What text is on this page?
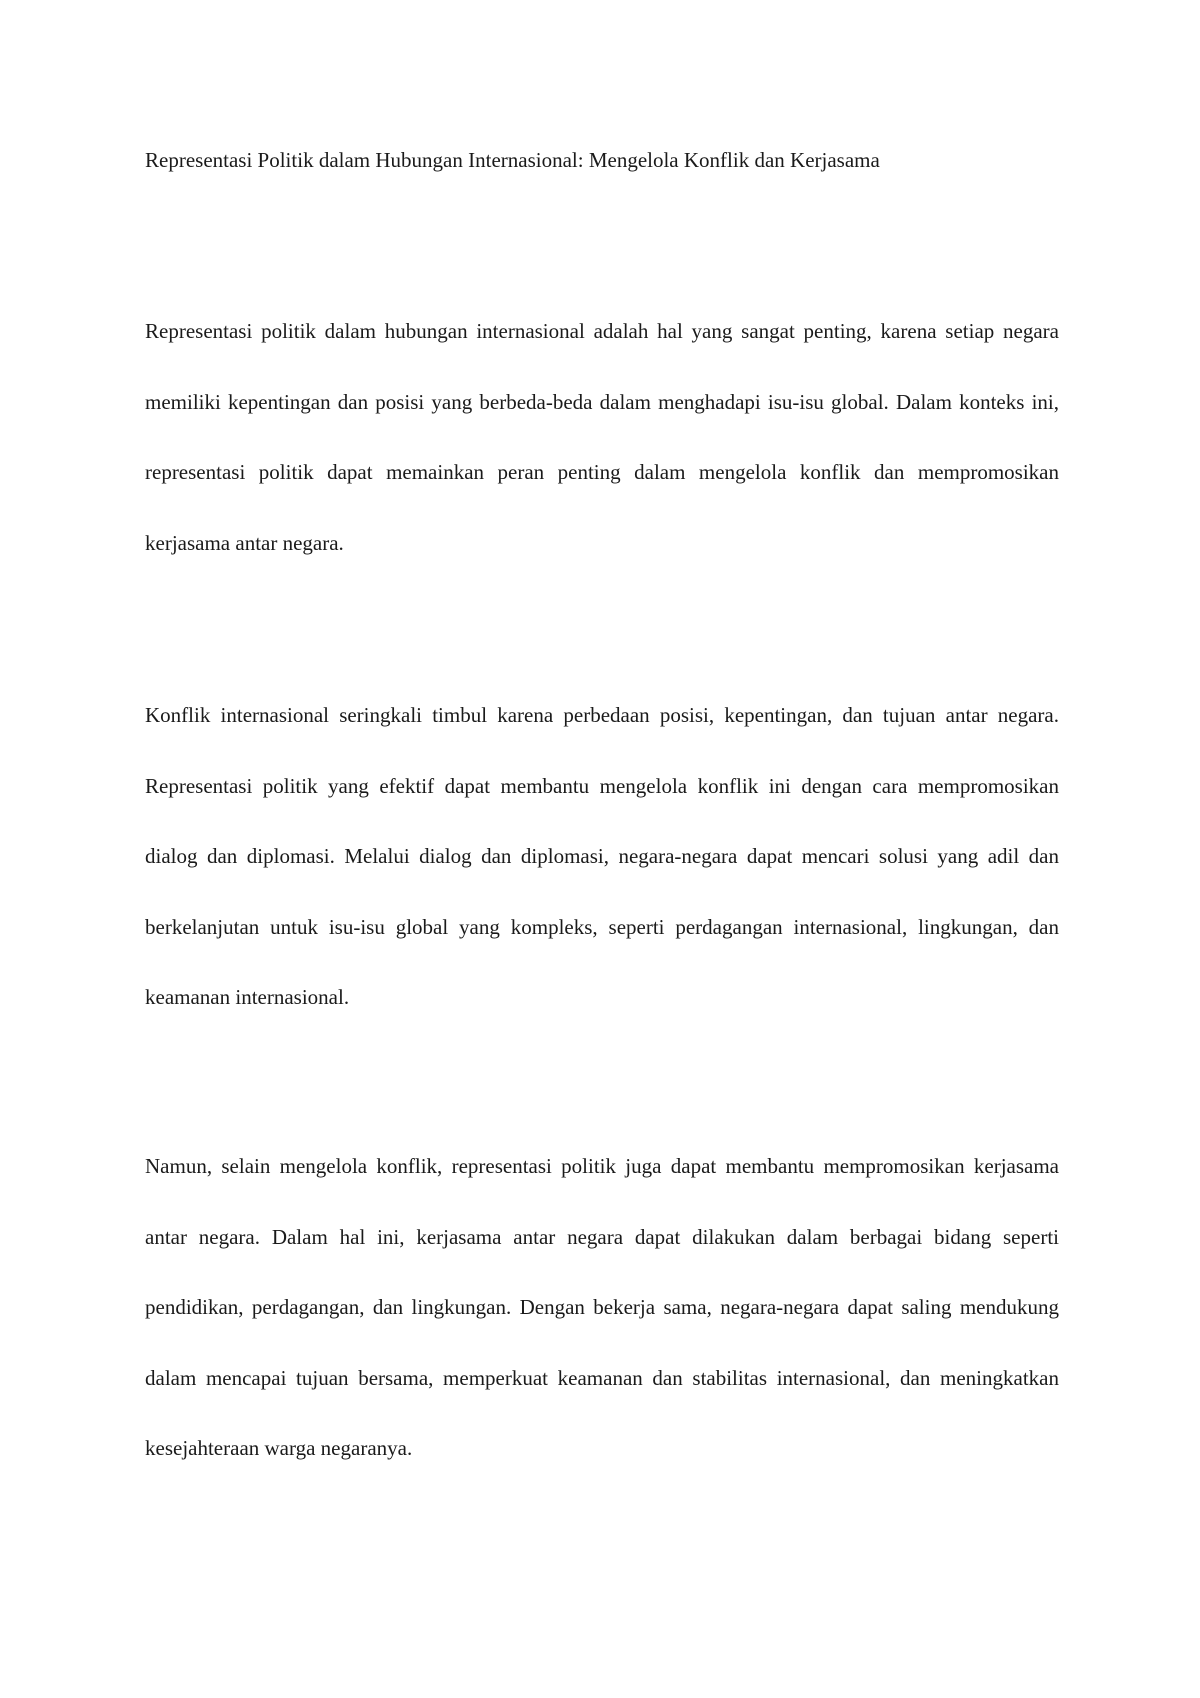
Representasi Politik dalam Hubungan Internasional: Mengelola Konflik dan Kerjasama

Representasi politik dalam hubungan internasional adalah hal yang sangat penting, karena setiap negara memiliki kepentingan dan posisi yang berbeda-beda dalam menghadapi isu-isu global. Dalam konteks ini, representasi politik dapat memainkan peran penting dalam mengelola konflik dan mempromosikan kerjasama antar negara.

Konflik internasional seringkali timbul karena perbedaan posisi, kepentingan, dan tujuan antar negara. Representasi politik yang efektif dapat membantu mengelola konflik ini dengan cara mempromosikan dialog dan diplomasi. Melalui dialog dan diplomasi, negara-negara dapat mencari solusi yang adil dan berkelanjutan untuk isu-isu global yang kompleks, seperti perdagangan internasional, lingkungan, dan keamanan internasional.

Namun, selain mengelola konflik, representasi politik juga dapat membantu mempromosikan kerjasama antar negara. Dalam hal ini, kerjasama antar negara dapat dilakukan dalam berbagai bidang seperti pendidikan, perdagangan, dan lingkungan. Dengan bekerja sama, negara-negara dapat saling mendukung dalam mencapai tujuan bersama, memperkuat keamanan dan stabilitas internasional, dan meningkatkan kesejahteraan warga negaranya.
